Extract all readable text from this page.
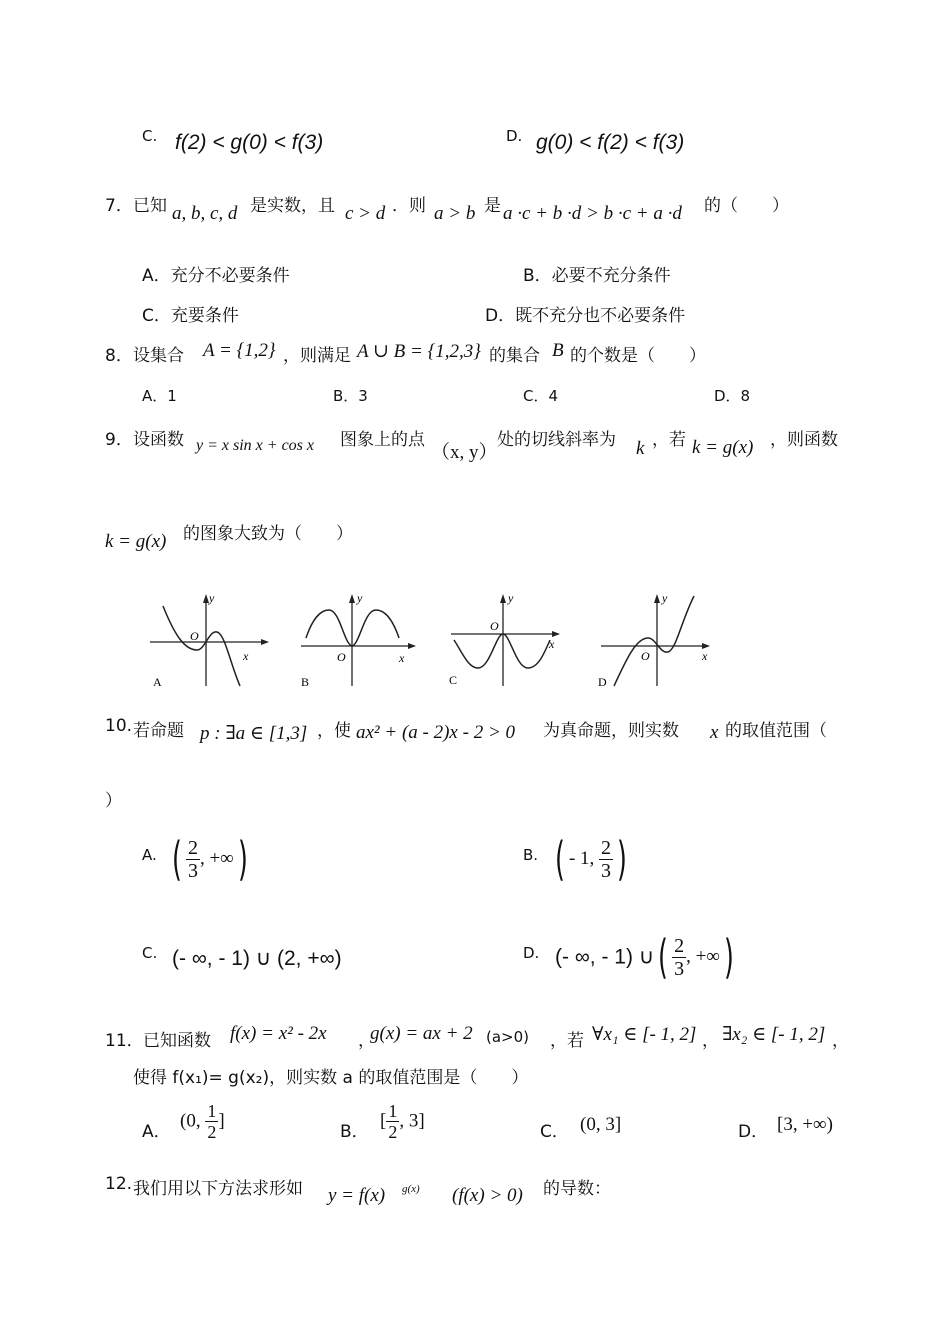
C. f(2) < g(0) < f(3)	D. g(0) < f(2) < f(3)
7． 已知 a, b, c, d 是实数，且 c > d ．则 a > b 是 a ·c + b ·d > b ·c + a ·d 的（　　）
A．充分不必要条件	B．必要不充分条件
C．充要条件	D．既不充分也不必要条件
8． 设集合 A = {1,2} ，则满足 A ∪ B = {1,2,3} 的集合 B 的个数是（　　）
A．1	B．3	C．4	D．8
9． 设函数 y = x sin x + cos x 图象上的点
（x, y）
处的切线斜率为 k ，若 k = g(x) ，则函数
k = g(x) 的图象大致为（　　）
y
x
O
A
y
x
O
B
y
x
O
C
y
x
O
D
10. 若命题 p : ∃a ∈ [1,3] ，使 ax² + (a - 2)x - 2 > 0 为真命题，则实数 x 的取值范围（
）
A. ( $\frac{2}{3}$ , +∞)	B. ( - 1, $\frac{2}{3}$ )
C. (- ∞, - 1) ∪ (2, +∞)	D. (- ∞, - 1) ∪( $\frac{2}{3}$ , +∞)
11． 已知函数 f(x) = x² - 2x ，
g(x) = ax + 2 (a>0) ，若 ∀x₁ ∈ [- 1, 2] ， ∃x₂ ∈ [- 1, 2] ，
使得 f(x₁)= g(x₂)，则实数 a 的取值范围是（　　）
A．
(0, $\frac{1}{2}$ ]
B．
[ $\frac{1}{2}$ , 3]
C． (0, 3]	D． [3, +∞)
12. 我们用以下方法求形如 y = f(x) g(x) (f(x) > 0) 的导数：
